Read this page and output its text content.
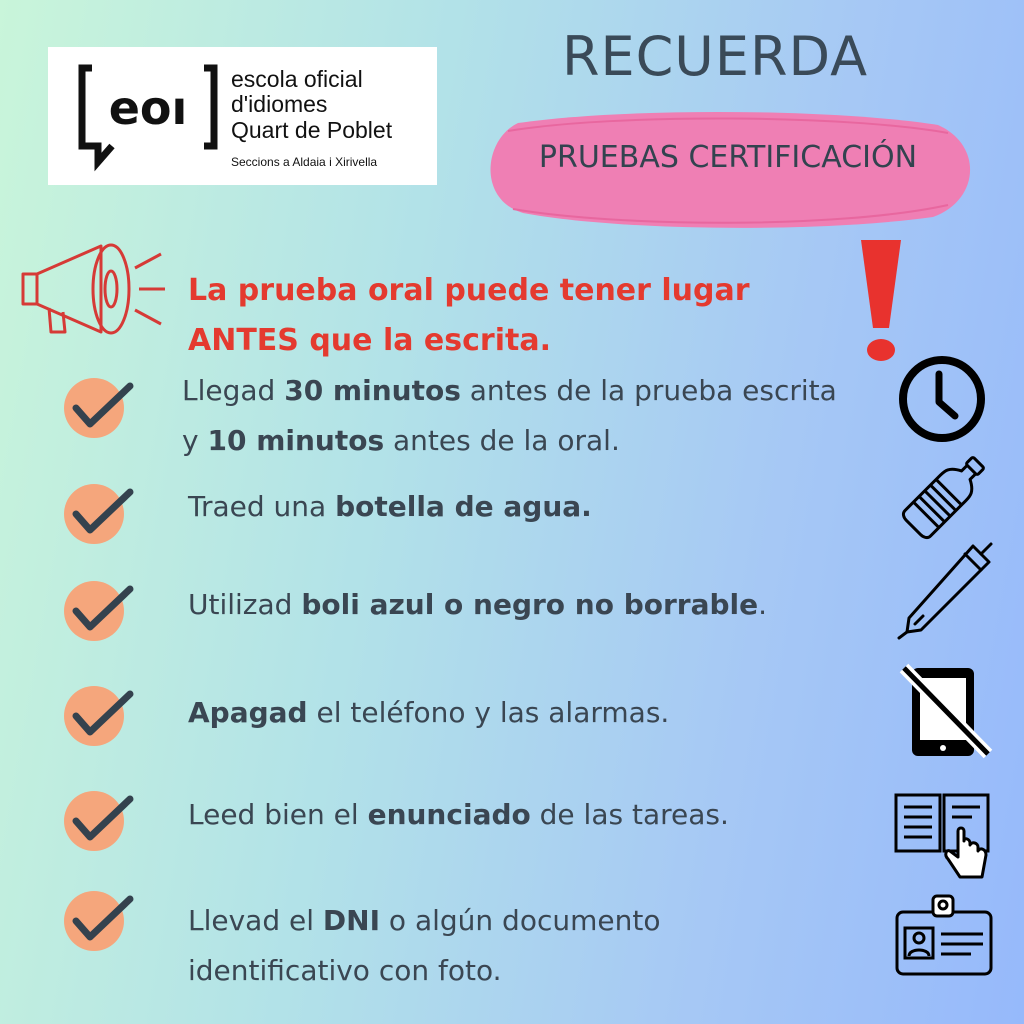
eoı
escola oficial
d'idiomes
Quart de Poblet
Seccions a Aldaia i Xirivella
RECUERDA
PRUEBAS CERTIFICACIÓN
La prueba oral puede tener lugar
ANTES que la escrita.
Llegad 30 minutos antes de la prueba escrita
y 10 minutos antes de la oral.
Traed una botella de agua.
Utilizad boli azul o negro no borrable.
Apagad el teléfono y las alarmas.
Leed bien el enunciado de las tareas.
Llevad el DNI o algún documento
identificativo con foto.
